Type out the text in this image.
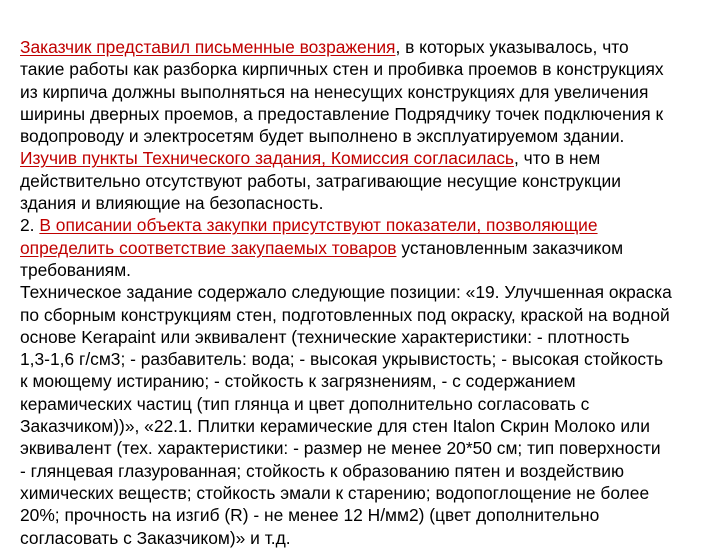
Заказчик представил письменные возражения, в которых указывалось, что
такие работы как разборка кирпичных стен и пробивка проемов в конструкциях
из кирпича должны выполняться на ненесущих конструкциях для увеличения
ширины дверных проемов, а предоставление Подрядчику точек подключения к
водопроводу и электросетям будет выполнено в эксплуатируемом здании.
Изучив пункты Технического задания, Комиссия согласилась, что в нем
действительно отсутствуют работы, затрагивающие несущие конструкции
здания и влияющие на безопасность.
2. В описании объекта закупки присутствуют показатели, позволяющие
определить соответствие закупаемых товаров установленным заказчиком
требованиям.
Техническое задание содержало следующие позиции: «19. Улучшенная окраска
по сборным конструкциям стен, подготовленных под окраску, краской на водной
основе Kerapaint или эквивалент (технические характеристики: - плотность
1,3-1,6 г/см3; - разбавитель: вода; - высокая укрывистость; - высокая стойкость
к моющему истиранию; - стойкость к загрязнениям, - с содержанием
керамических частиц (тип глянца и цвет дополнительно согласовать с
Заказчиком))», «22.1. Плитки керамические для стен Italon Скрин Молоко или
эквивалент (тех. характеристики: - размер не менее 20*50 см; тип поверхности
- глянцевая глазурованная; стойкость к образованию пятен и воздействию
химических веществ; стойкость эмали к старению; водопоглощение не более
20%; прочность на изгиб (R) - не менее 12 Н/мм2) (цвет дополнительно
согласовать с Заказчиком)» и т.д.
